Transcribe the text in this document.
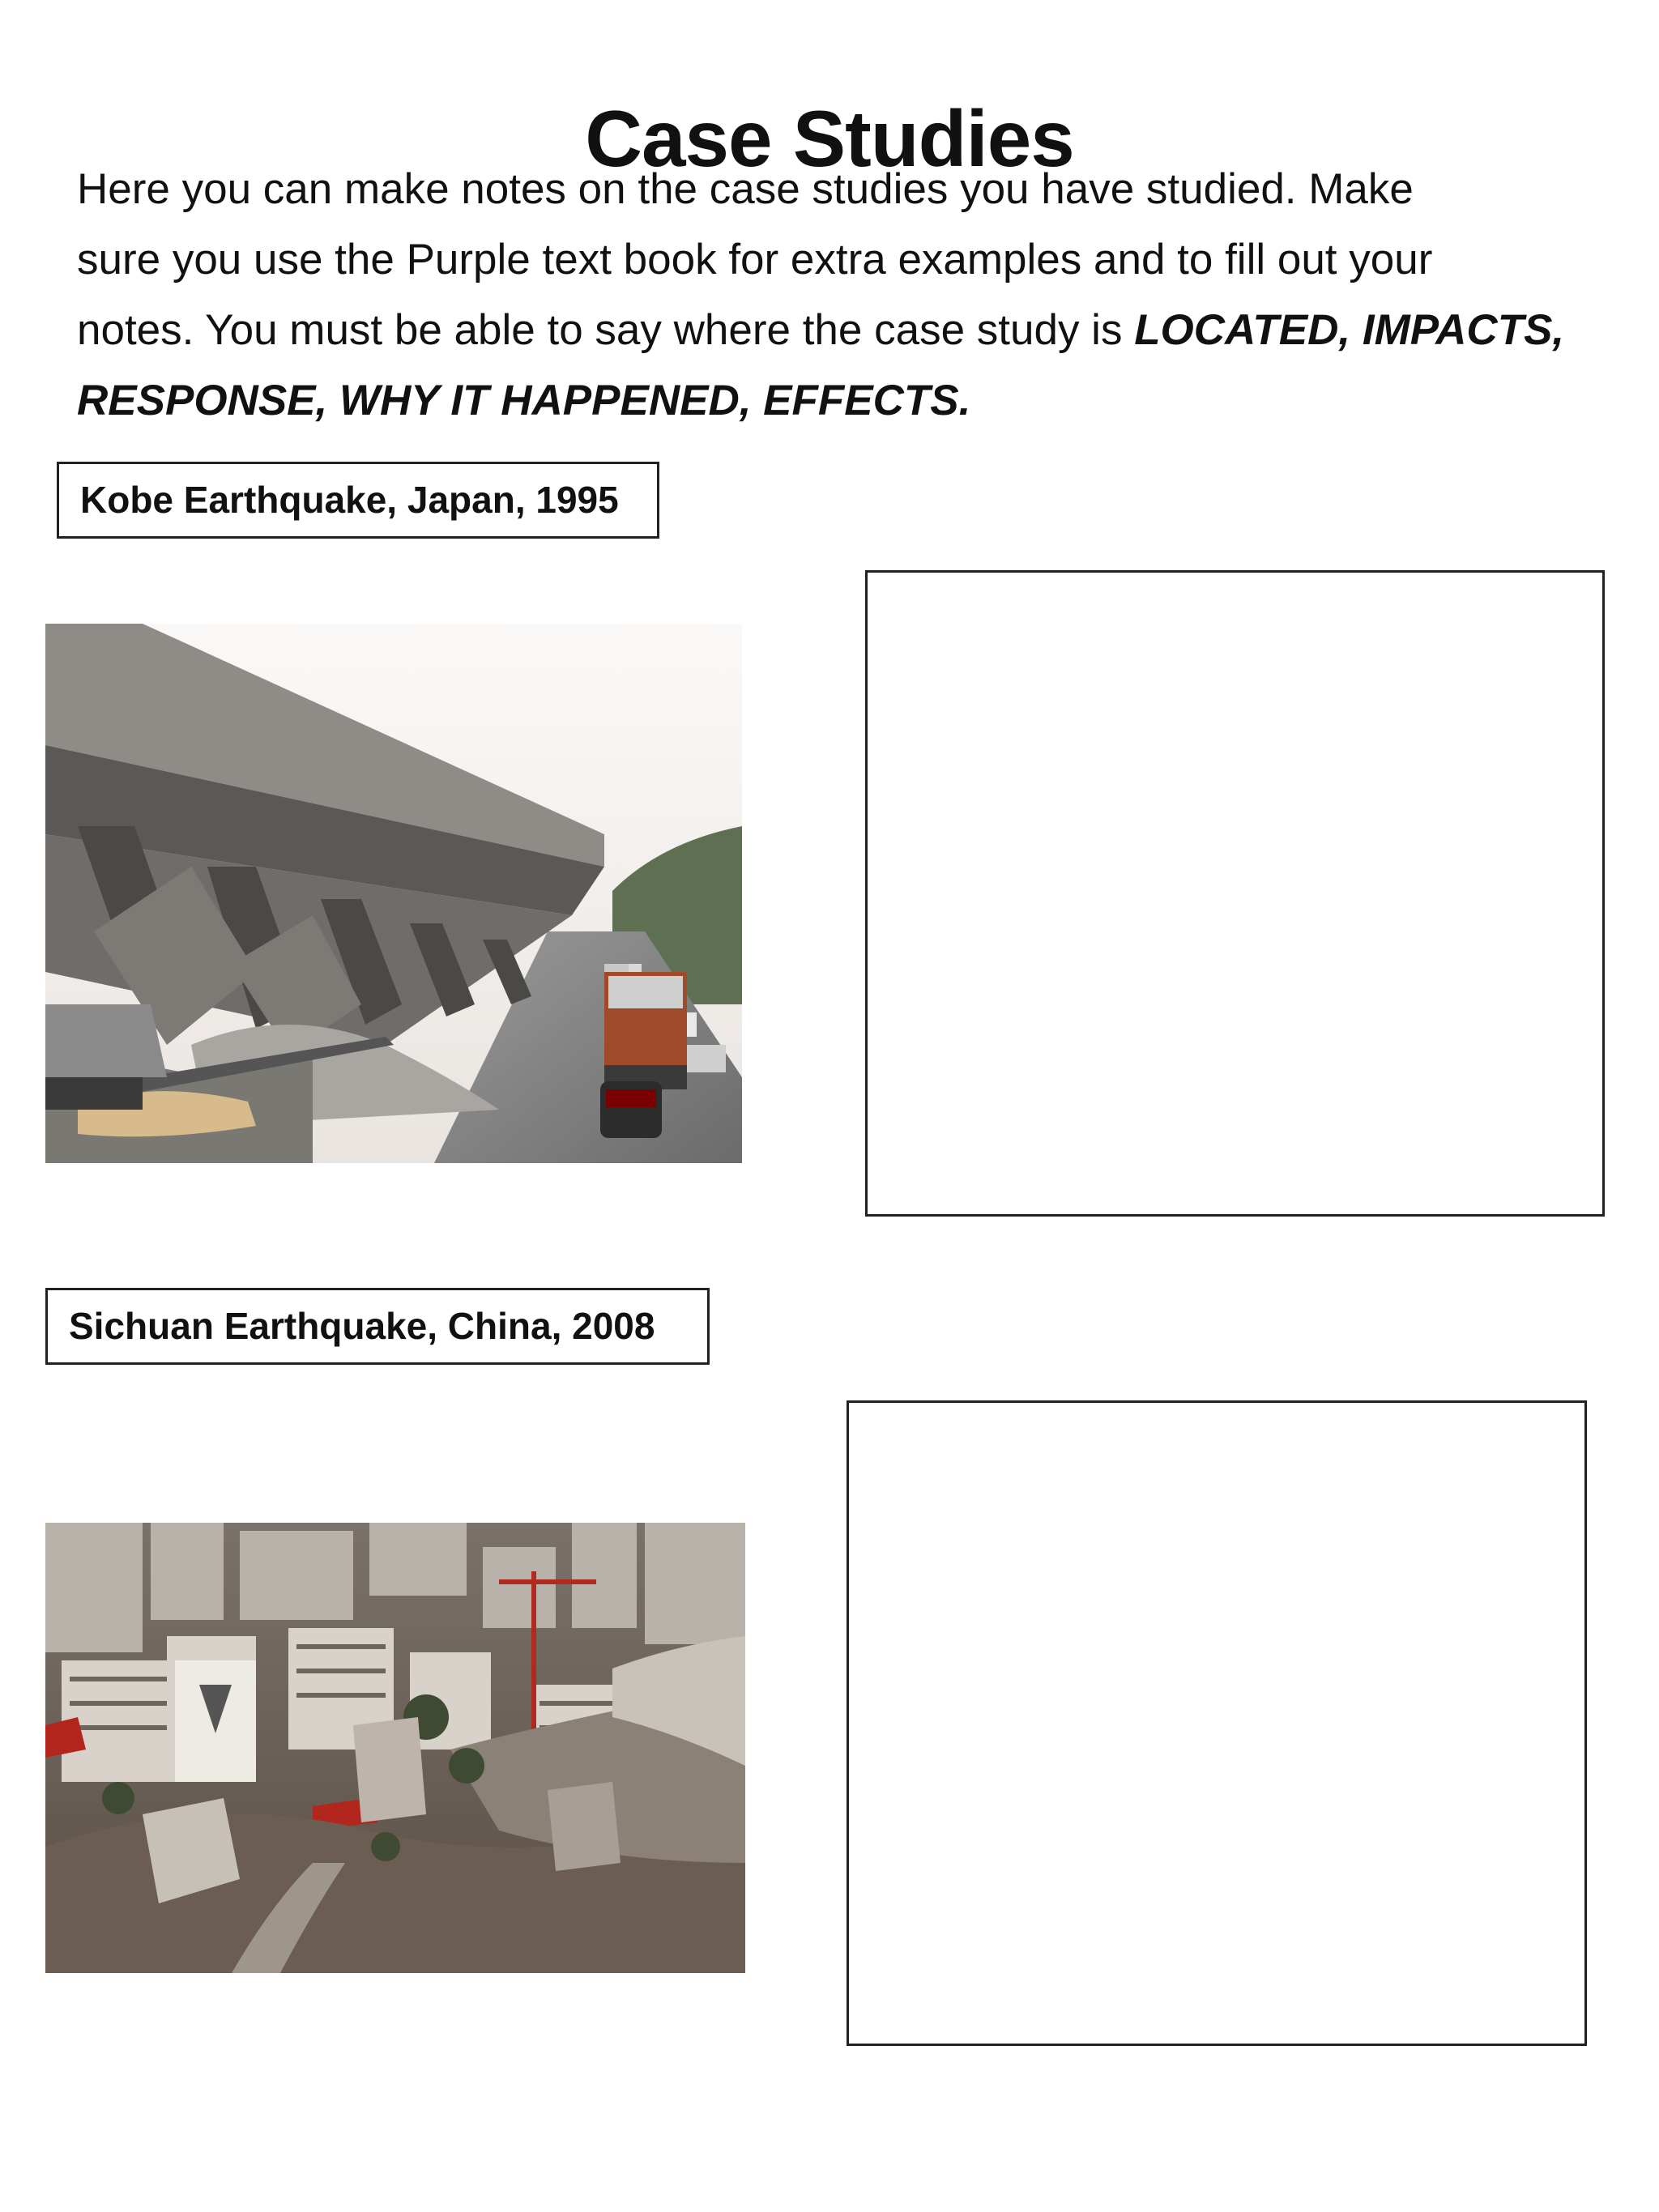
Case Studies

Here you can make notes on the case studies you have studied. Make
sure you use the Purple text book for extra examples and to fill out your
notes. You must be able to say where the case study is LOCATED, IMPACTS,
RESPONSE, WHY IT HAPPENED, EFFECTS.

Kobe Earthquake, Japan, 1995
Sichuan Earthquake, China, 2008
